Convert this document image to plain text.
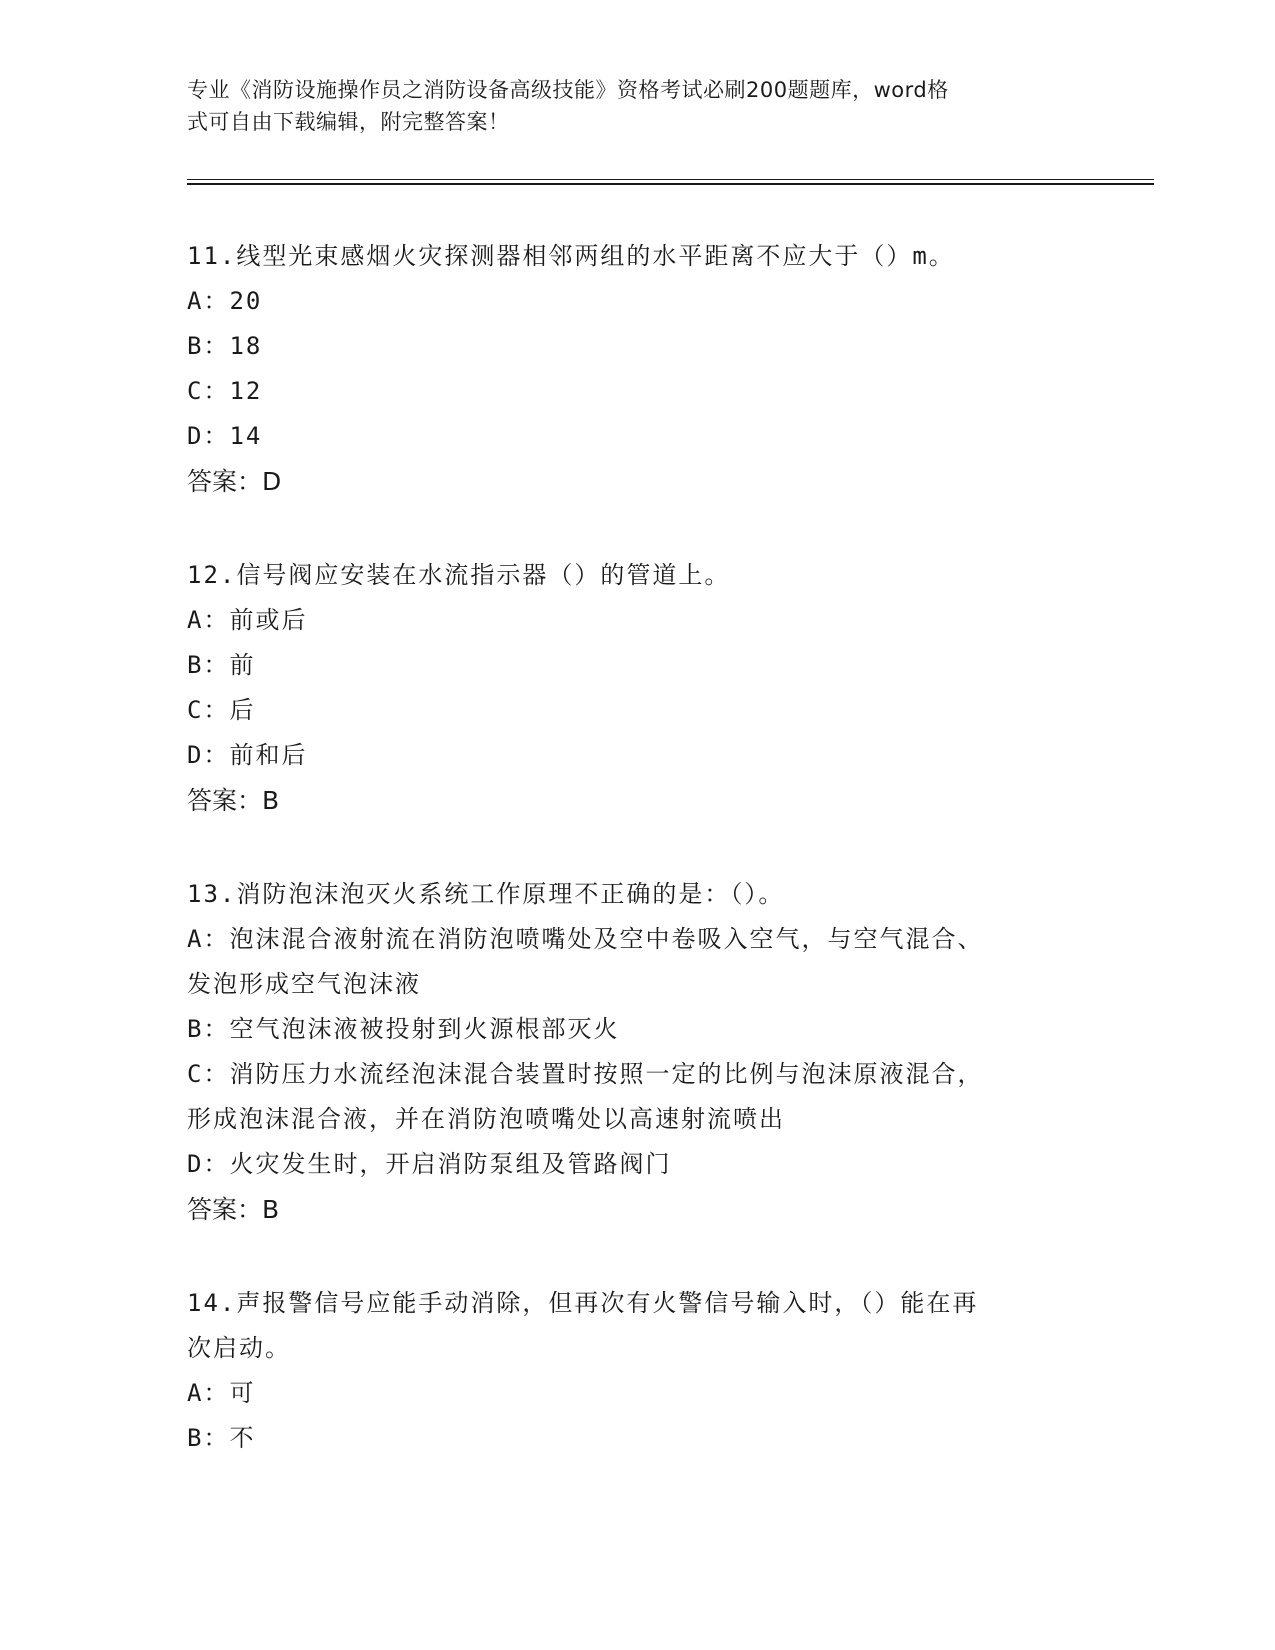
专业《消防设施操作员之消防设备高级技能》资格考试必刷200题题库，word格
式可自由下载编辑，附完整答案！
11.线型光束感烟火灾探测器相邻两组的水平距离不应大于（）m。
A：20
B：18
C：12
D：14
答案：D
12.信号阀应安装在水流指示器（）的管道上。
A：前或后
B：前
C：后
D：前和后
答案：B
13.消防泡沫泡灭火系统工作原理不正确的是：（）。
A：泡沫混合液射流在消防泡喷嘴处及空中卷吸入空气，与空气混合、
发泡形成空气泡沫液
B：空气泡沫液被投射到火源根部灭火
C：消防压力水流经泡沫混合装置时按照一定的比例与泡沫原液混合，
形成泡沫混合液，并在消防泡喷嘴处以高速射流喷出
D：火灾发生时，开启消防泵组及管路阀门
答案：B
14.声报警信号应能手动消除，但再次有火警信号输入时，（）能在再
次启动。
A：可
B：不
